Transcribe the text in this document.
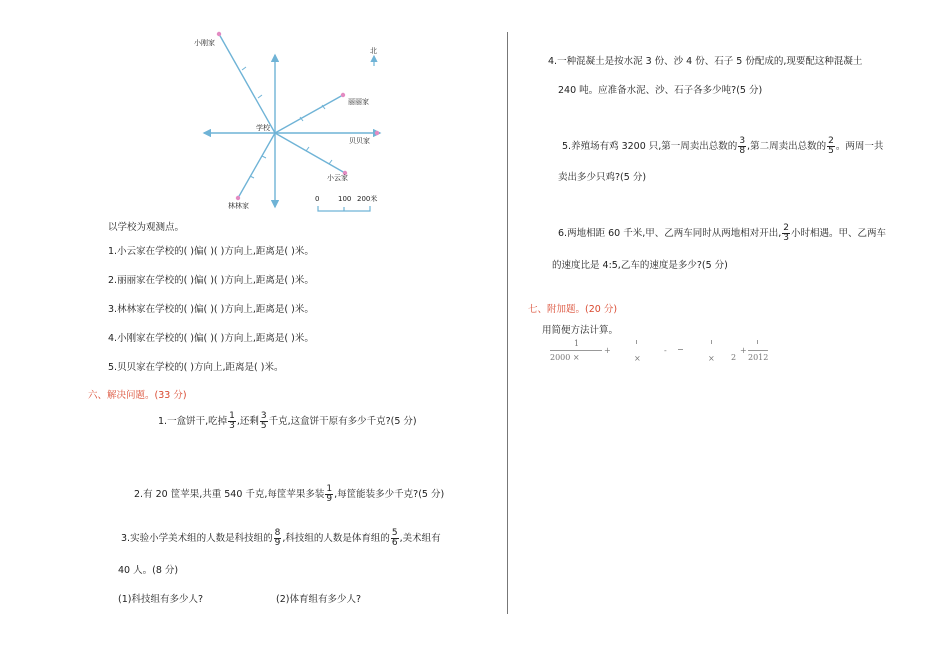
北
0	100 200米
小刚家
丽丽家
贝贝家
小云家
林林家
学校
以学校为观测点。
1.小云家在学校的( )偏( )( )方向上,距离是( )米。
2.丽丽家在学校的( )偏( )( )方向上,距离是( )米。
3.林林家在学校的( )偏( )( )方向上,距离是( )米。
4.小刚家在学校的( )偏( )( )方向上,距离是( )米。
5.贝贝家在学校的( )方向上,距离是( )米。
六、解决问题。(33 分)
1.一盒饼干,吃掉 $\frac{1}{3}$ ,还剩 $\frac{3}{5}$ 千克,这盒饼干原有多少千克?(5 分)
2.有 20 筐苹果,共重 540 千克,每筐苹果多装 $\frac{1}{9}$ ,每筐能装多少千克?(5 分)
3.实验小学美术组的人数是科技组的 $\frac{8}{9}$ ,科技组的人数是体育组的 $\frac{5}{6}$ ,美术组有
40 人。(8 分)
(1)科技组有多少人?	(2)体育组有多少人?
4.一种混凝土是按水泥 3 份、沙 4 份、石子 5 份配成的,现要配这种混凝土
240 吨。应准备水泥、沙、石子各多少吨?(5 分)
5.养殖场有鸡 3200 只,第一周卖出总数的 $\frac{3}{8}$ ,第二周卖出总数的 $\frac{2}{5}$ 。两周一共
卖出多少只鸡?(5 分)
6.两地相距 60 千米,甲、乙两车同时从两地相对开出, $\frac{2}{3}$ 小时相遇。甲、乙两车
的速度比是 4:5,乙车的速度是多少?(5 分)
七、附加题。(20 分)
用简便方法计算。
1
2000 ×
+
×
-
× 2
+
2012
